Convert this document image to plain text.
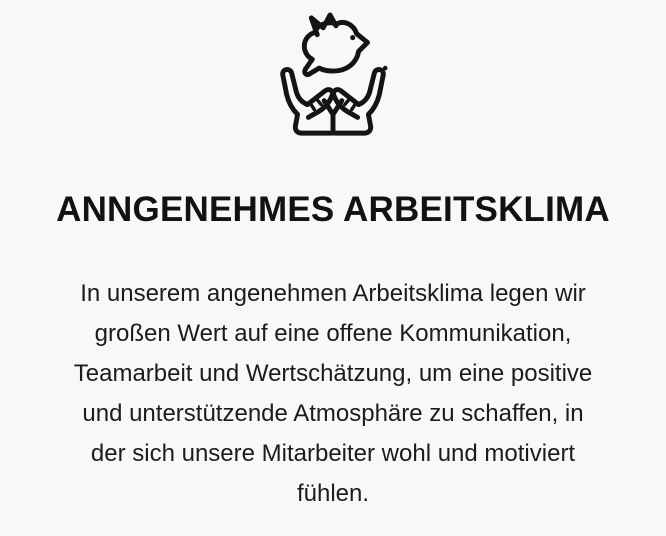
ANNGENEHMES ARBEITSKLIMA

In unserem angenehmen Arbeitsklima legen wir
großen Wert auf eine offene Kommunikation,
Teamarbeit und Wertschätzung, um eine positive
und unterstützende Atmosphäre zu schaffen, in
der sich unsere Mitarbeiter wohl und motiviert
fühlen.
